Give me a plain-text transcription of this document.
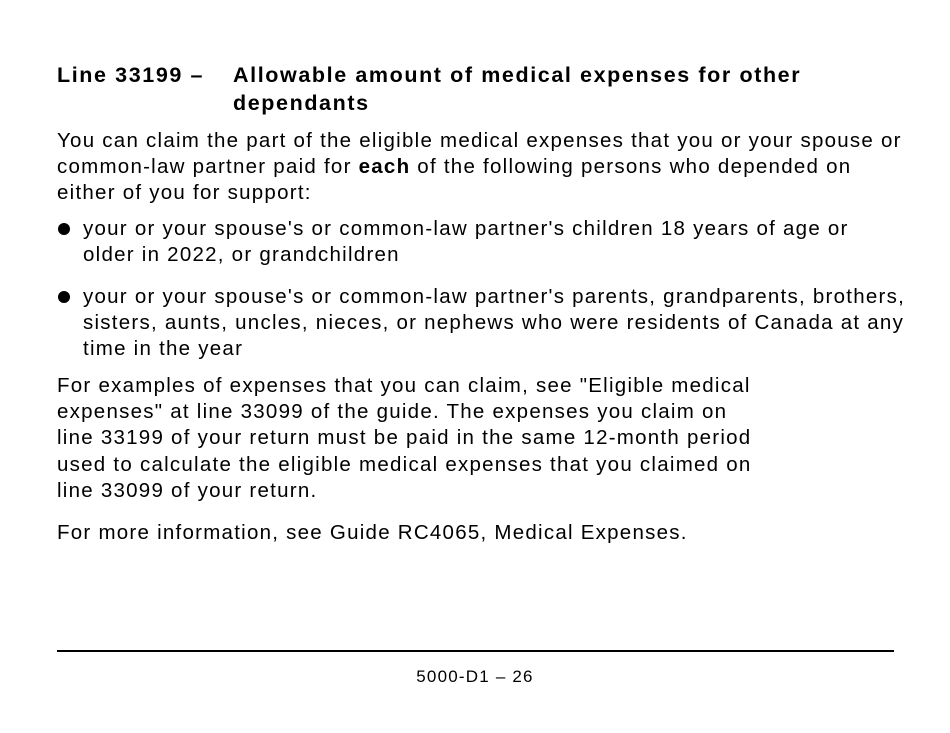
Line 33199 – Allowable amount of medical expenses for other dependants

You can claim the part of the eligible medical expenses that you or your spouse or common-law partner paid for each of the following persons who depended on either of you for support:

your or your spouse's or common-law partner's children 18 years of age or older in 2022, or grandchildren
your or your spouse's or common-law partner's parents, grandparents, brothers, sisters, aunts, uncles, nieces, or nephews who were residents of Canada at any time in the year

For examples of expenses that you can claim, see "Eligible medical
expenses" at line 33099 of the guide. The expenses you claim on
line 33199 of your return must be paid in the same 12-month period
used to calculate the eligible medical expenses that you claimed on
line 33099 of your return.

For more information, see Guide RC4065, Medical Expenses.

5000-D1 – 26
